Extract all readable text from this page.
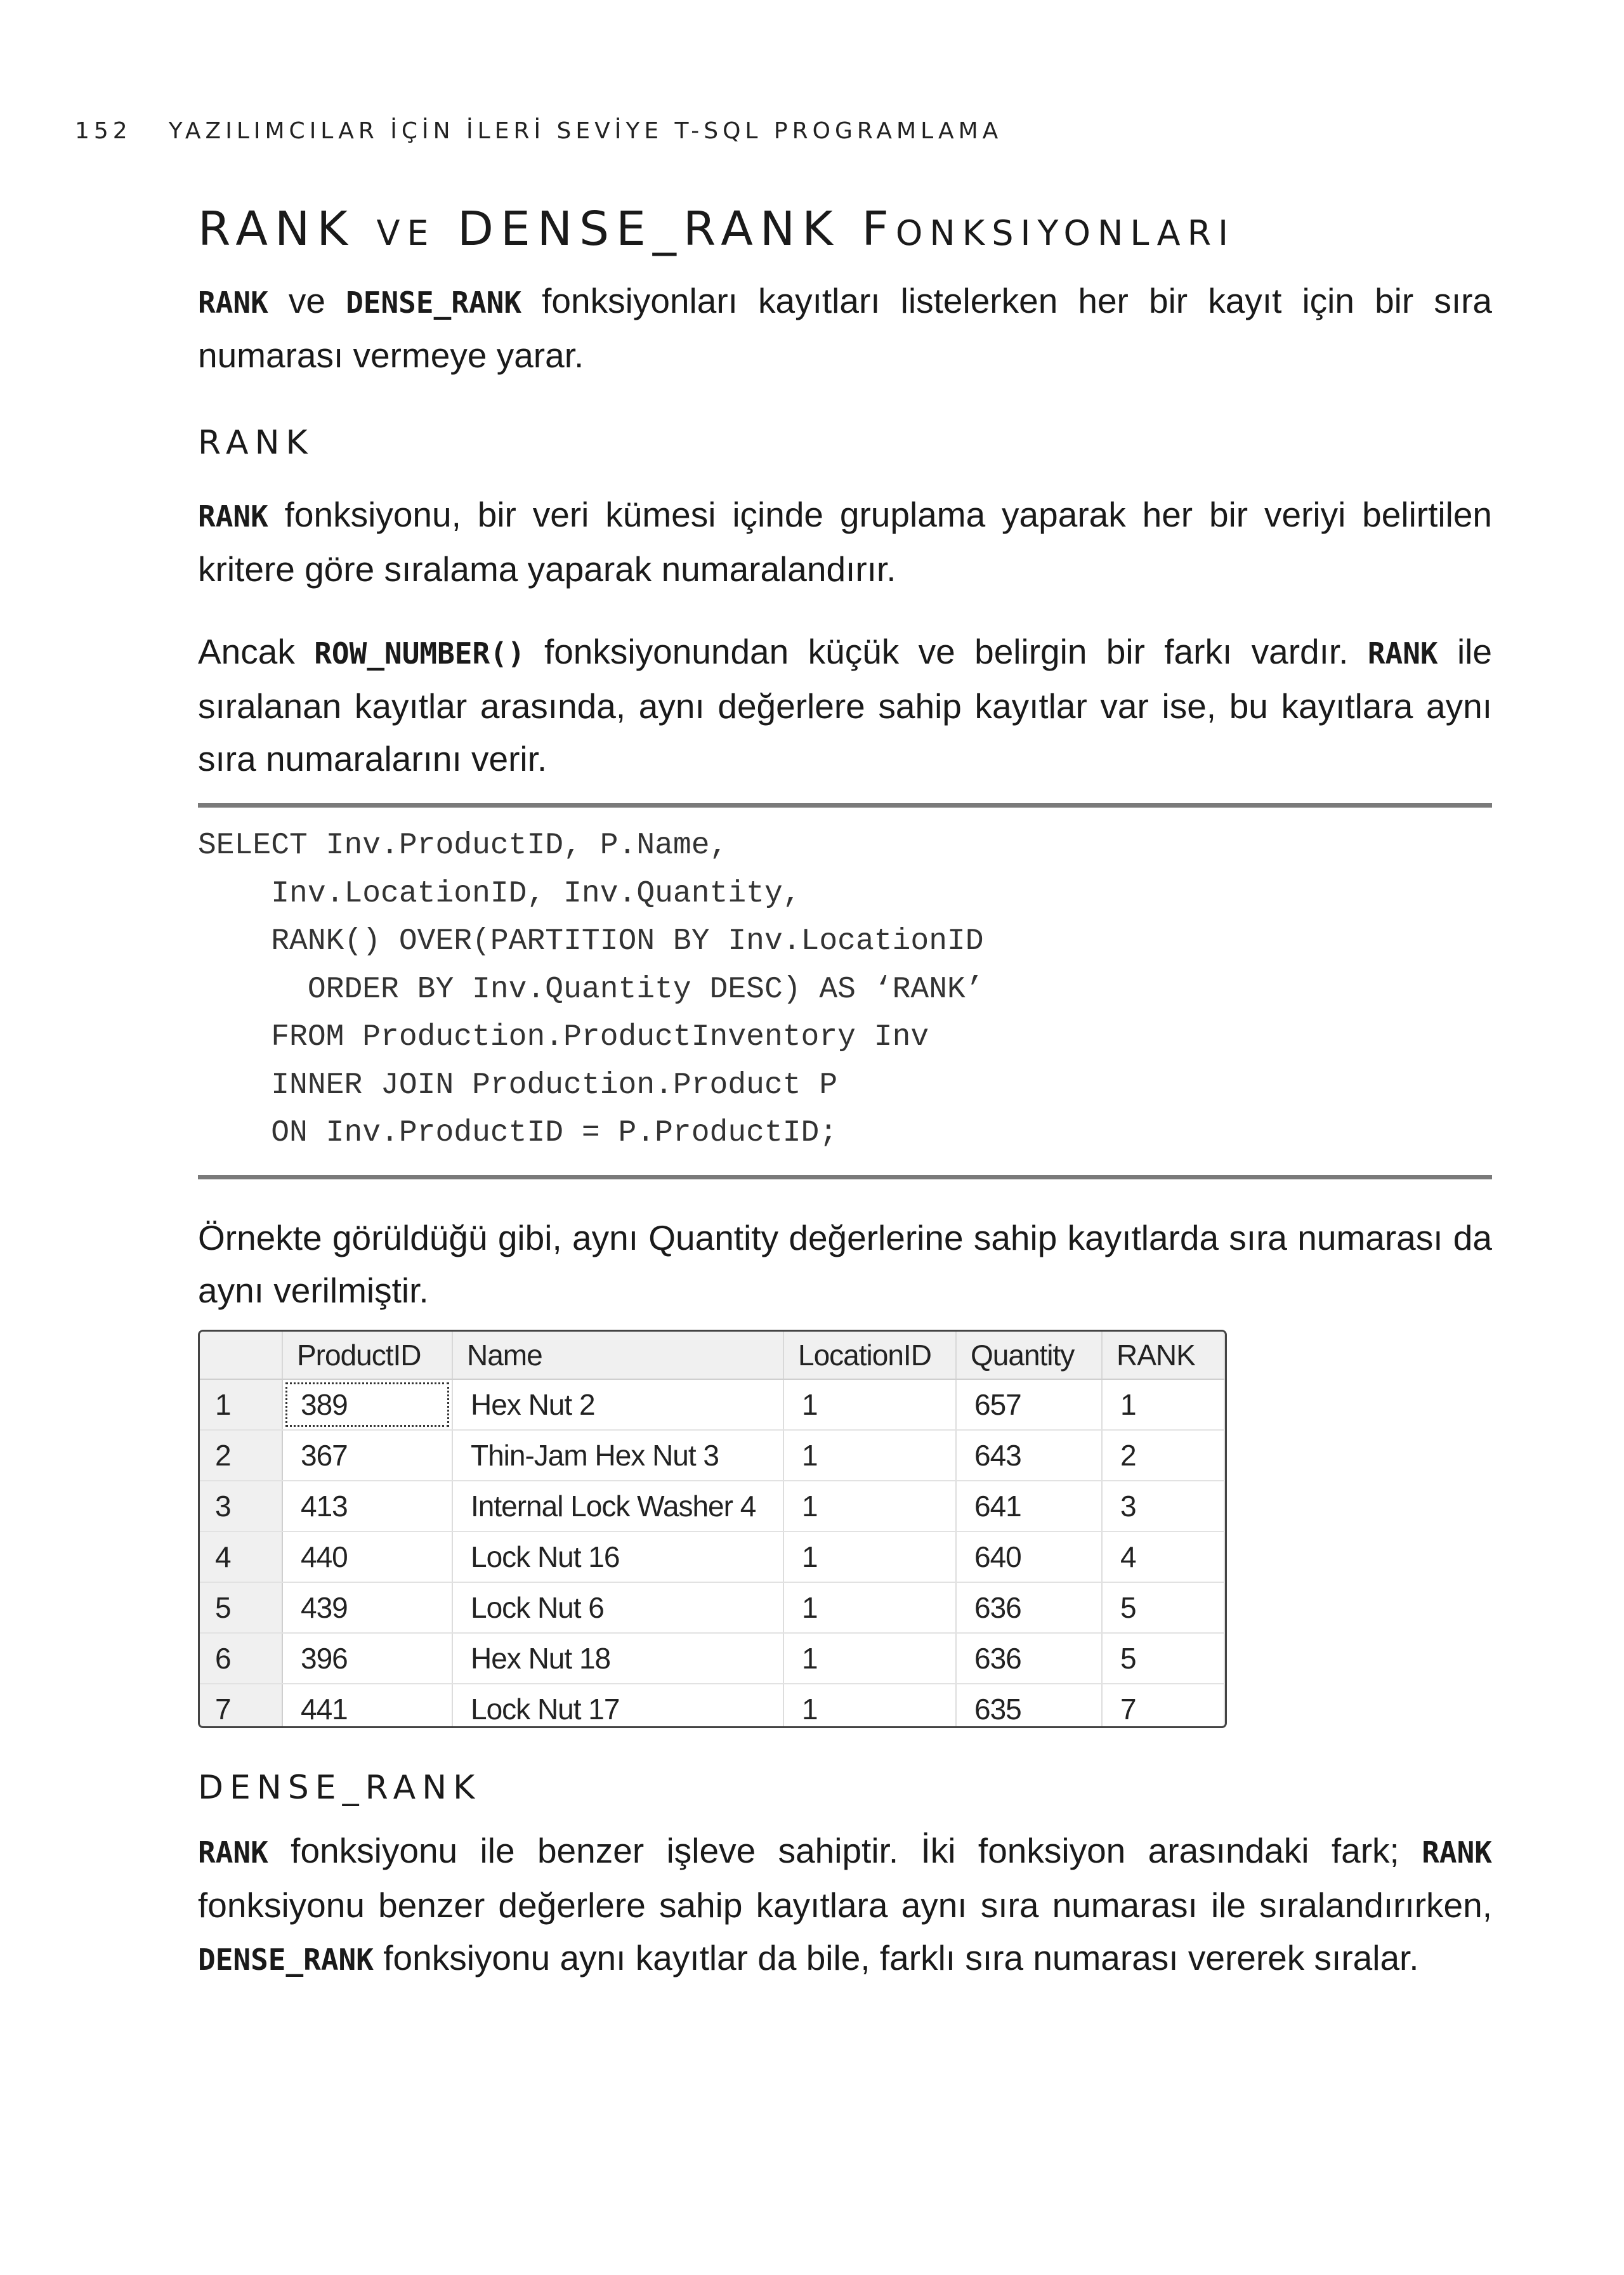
152 YAZILIMCILAR İÇİN İLERİ SEVİYE T-SQL PROGRAMLAMA
RANK VE DENSE_RANK FONKSIYONLARI

RANK ve DENSE_RANK fonksiyonları kayıtları listelerken her bir kayıt için bir sıra numarası vermeye yarar.

RANK

RANK fonksiyonu, bir veri kümesi içinde gruplama yaparak her bir veriyi belirtilen kritere göre sıralama yaparak numaralandırır.

Ancak ROW_NUMBER() fonksiyonundan küçük ve belirgin bir farkı vardır. RANK ile sıralanan kayıtlar arasında, aynı değerlere sahip kayıtlar var ise, bu kayıtlara aynı sıra numaralarını verir.

SELECT Inv.ProductID, P.Name,
Inv.LocationID, Inv.Quantity,
RANK() OVER(PARTITION BY Inv.LocationID
ORDER BY Inv.Quantity DESC) AS ‘RANK’
FROM Production.ProductInventory Inv
INNER JOIN Production.Product P
ON Inv.ProductID = P.ProductID;

Örnekte görüldüğü gibi, aynı Quantity değerlerine sahip kayıtlarda sıra numarası da aynı verilmiştir.

	ProductID	Name	LocationID	Quantity	RANK
1	389	Hex Nut 2	1	657	1
2	367	Thin-Jam Hex Nut 3	1	643	2
3	413	Internal Lock Washer 4	1	641	3
4	440	Lock Nut 16	1	640	4
5	439	Lock Nut 6	1	636	5
6	396	Hex Nut 18	1	636	5
7	441	Lock Nut 17	1	635	7
DENSE_RANK

RANK fonksiyonu ile benzer işleve sahiptir. İki fonksiyon arasındaki fark; RANK fonksiyonu benzer değerlere sahip kayıtlara aynı sıra numarası ile sıralandırırken, DENSE_RANK fonksiyonu aynı kayıtlar da bile, farklı sıra numarası vererek sıralar.
